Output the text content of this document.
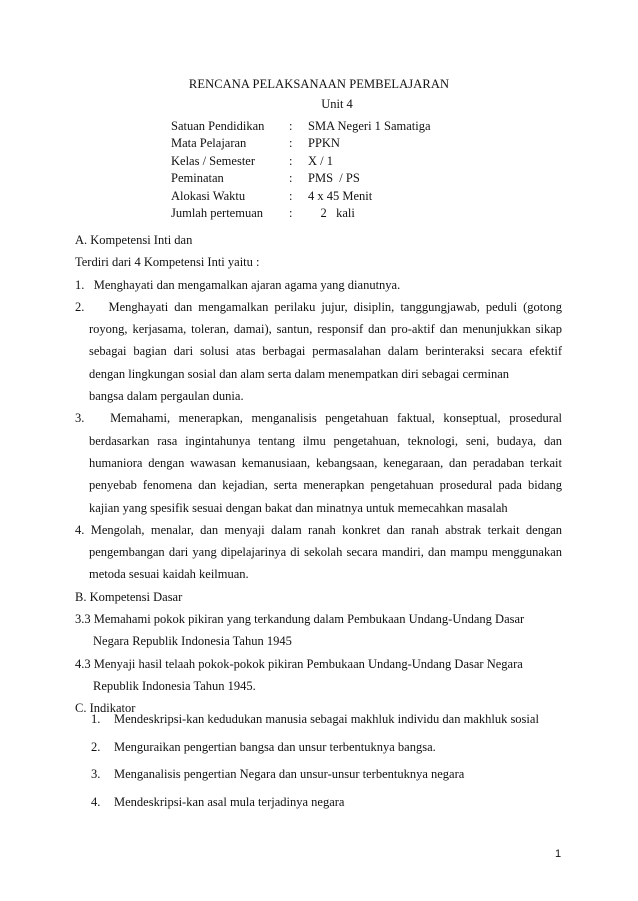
RENCANA PELAKSANAAN PEMBELAJARAN
Unit 4
Satuan Pendidikan	:	SMA Negeri 1 Samatiga
Mata Pelajaran	:	PPKN
Kelas / Semester	:	X / 1
Peminatan	:	PMS  / PS
Alokasi Waktu	:	4 x 45 Menit
Jumlah pertemuan	:	2   kali

A. Kompetensi Inti dan

Terdiri dari 4 Kompetensi Inti yaitu :

1. Menghayati dan mengamalkan ajaran agama yang dianutnya.

2. Menghayati dan mengamalkan perilaku jujur, disiplin, tanggungjawab, peduli (gotong

royong, kerjasama, toleran, damai), santun, responsif dan pro-aktif dan menunjukkan sikap

sebagai bagian dari solusi atas berbagai permasalahan dalam berinteraksi secara efektif

dengan lingkungan sosial dan alam serta dalam menempatkan diri sebagai cerminan

bangsa dalam pergaulan dunia.

3. Memahami, menerapkan, menganalisis pengetahuan faktual, konseptual, prosedural

berdasarkan rasa ingintahunya tentang ilmu pengetahuan, teknologi, seni, budaya, dan

humaniora dengan wawasan kemanusiaan, kebangsaan, kenegaraan, dan peradaban terkait

penyebab fenomena dan kejadian, serta menerapkan pengetahuan prosedural pada bidang

kajian yang spesifik sesuai dengan bakat dan minatnya untuk memecahkan masalah

4. Mengolah, menalar, dan menyaji dalam ranah konkret dan ranah abstrak terkait dengan

pengembangan dari yang dipelajarinya di sekolah secara mandiri, dan mampu menggunakan

metoda sesuai kaidah keilmuan.

B. Kompetensi Dasar

3.3 Memahami pokok pikiran yang terkandung dalam Pembukaan Undang-Undang Dasar

Negara Republik Indonesia Tahun 1945

4.3 Menyaji hasil telaah pokok-pokok pikiran Pembukaan Undang-Undang Dasar Negara

Republik Indonesia Tahun 1945.

C. Indikator

1.	Mendeskripsi-kan kedudukan manusia sebagai makhluk individu dan makhluk sosial
2.	Menguraikan pengertian bangsa dan unsur terbentuknya bangsa.
3.	Menganalisis pengertian Negara dan unsur-unsur terbentuknya negara
4.	Mendeskripsi-kan asal mula terjadinya negara
1
